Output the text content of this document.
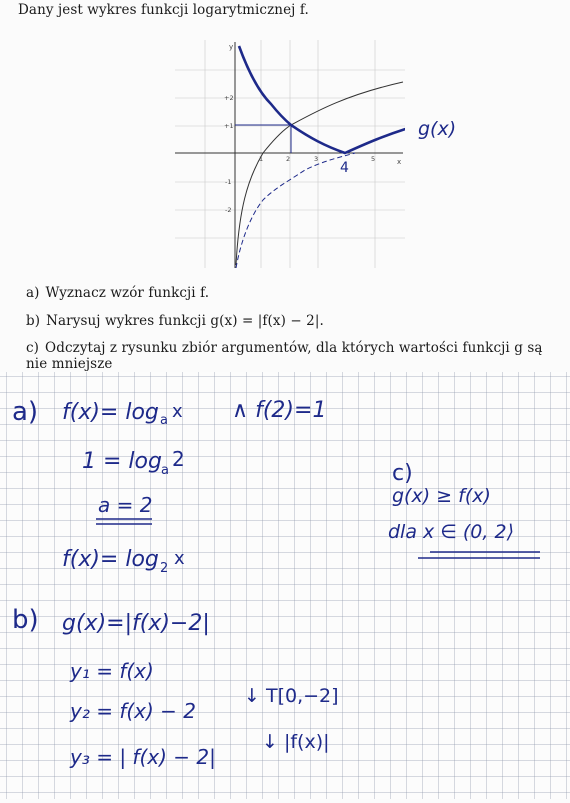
Dany jest wykres funkcji logarytmicznej f.
x
y
1	2	3	5
+2
+1
-1
-2
g(x)
4
a) Wyznacz wzór funkcji f.
b) Narysuj wykres funkcji g(x) = |f(x) − 2|.
c) Odczytaj z rysunku zbiór argumentów, dla których wartości funkcji g są nie mniejsze
a) f(x)= log a x ∧ f(2)=1
1 = log a 2
a = 2
f(x)= log 2 x
c)
g(x) ≥ f(x)
dla x ∈ (0, 2⟩
b) g(x)=|f(x)−2|
y₁ = f(x)
y₂ = f(x) − 2
↓ T[0,−2]
y₃ = | f(x) − 2|
↓ |f(x)|
